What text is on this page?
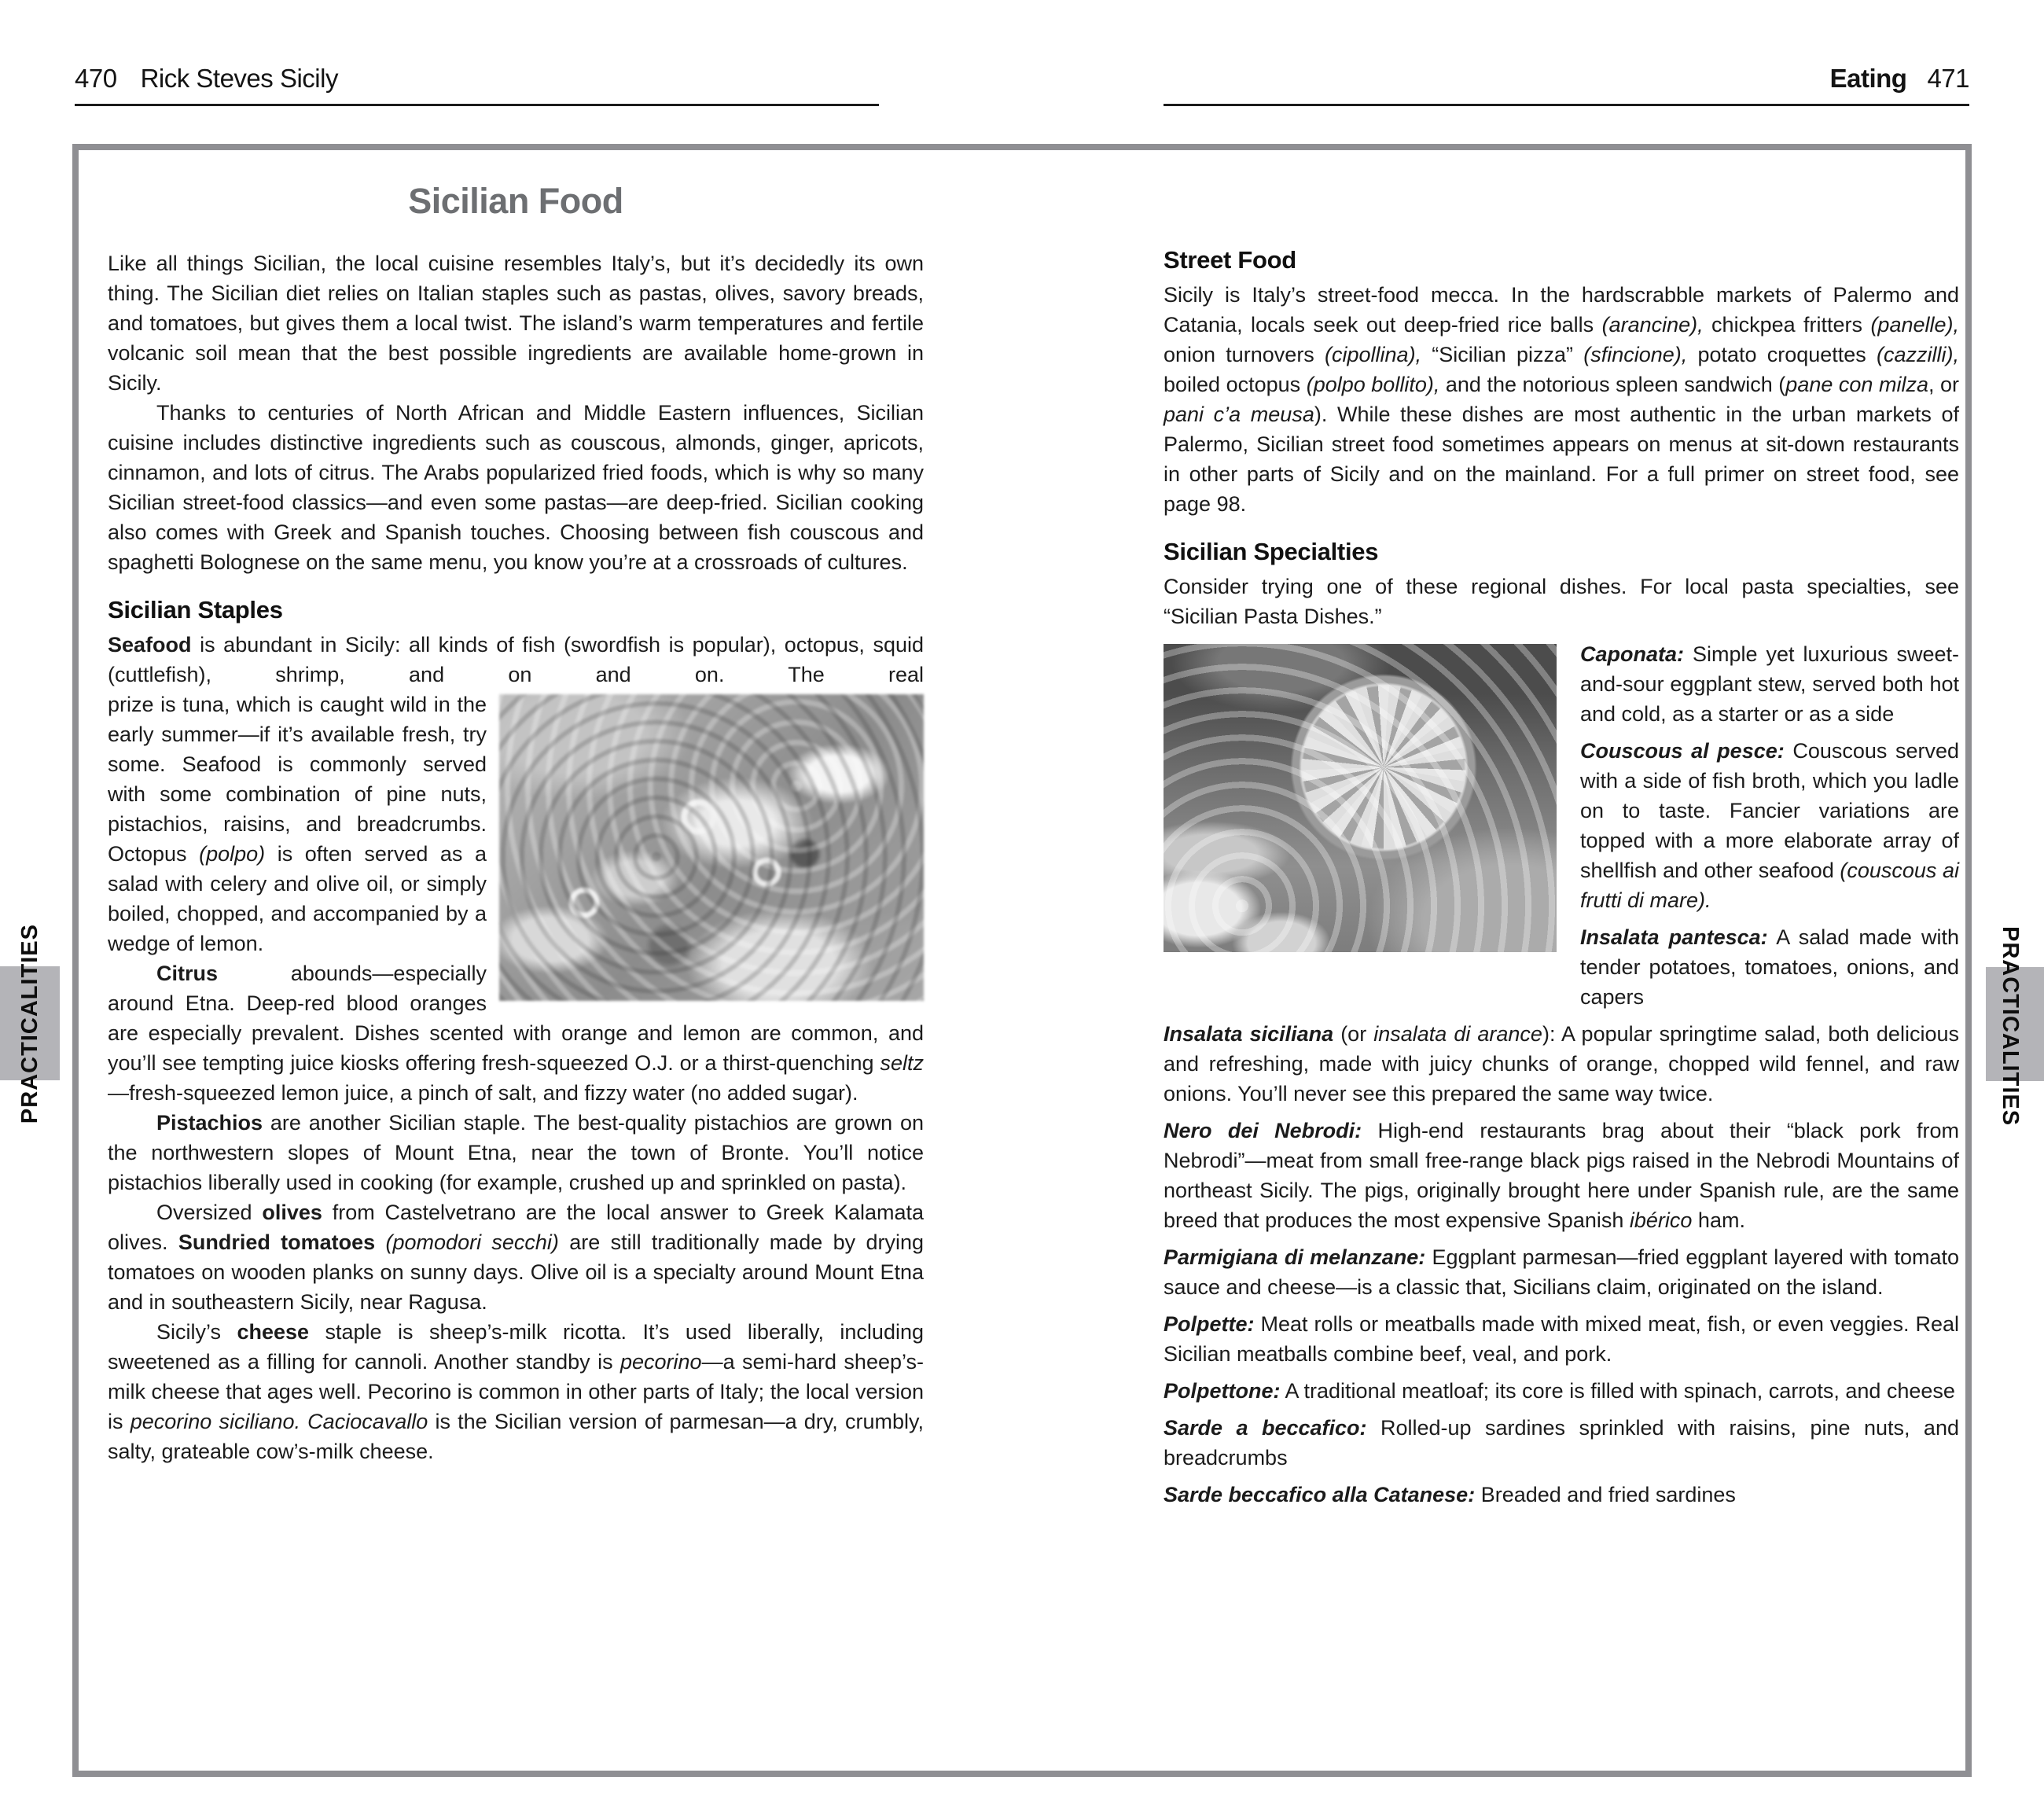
470 Rick Steves Sicily	Eating 471
PRACTICALITIES	PRACTICALITIES
Sicilian Food

Like all things Sicilian, the local cuisine resembles Italy’s, but it’s decidedly its own thing. The Sicilian diet relies on Italian staples such as pastas, olives, savory breads, and tomatoes, but gives them a local twist. The island’s warm temperatures and fertile volcanic soil mean that the best possible ingredients are available home-grown in Sicily.

Thanks to centuries of North African and Middle Eastern influences, Sicilian cuisine includes distinctive ingredients such as couscous, almonds, ginger, apricots, cinnamon, and lots of citrus. The Arabs popularized fried foods, which is why so many Sicilian street-food classics—and even some pastas—are deep-fried. Sicilian cooking also comes with Greek and Spanish touches. Choosing between fish couscous and spaghetti Bolognese on the same menu, you know you’re at a crossroads of cultures.

Sicilian Staples

Seafood is abundant in Sicily: all kinds of fish (swordfish is popular), octopus, squid (cuttlefish), shrimp, and on and on. The real

prize is tuna, which is caught wild in the early summer—if it’s available fresh, try some. Seafood is commonly served with some combination of pine nuts, pistachios, raisins, and breadcrumbs. Octopus (polpo) is often served as a salad with celery and olive oil, or simply boiled, chopped, and accompanied by a wedge of lemon.

Citrus abounds—especially around Etna. Deep-red blood oranges are especially prevalent. Dishes scented with orange and lemon are common, and you’ll see tempting juice kiosks offering fresh-squeezed O.J. or a thirst-quenching seltz—fresh-squeezed lemon juice, a pinch of salt, and fizzy water (no added sugar).

Pistachios are another Sicilian staple. The best-quality pistachios are grown on the northwestern slopes of Mount Etna, near the town of Bronte. You’ll notice pistachios liberally used in cooking (for example, crushed up and sprinkled on pasta).

Oversized olives from Castelvetrano are the local answer to Greek Kalamata olives. Sundried tomatoes (pomodori secchi) are still traditionally made by drying tomatoes on wooden planks on sunny days. Olive oil is a specialty around Mount Etna and in southeastern Sicily, near Ragusa.

Sicily’s cheese staple is sheep’s-milk ricotta. It’s used liberally, including sweetened as a filling for cannoli. Another standby is pecorino—a semi-hard sheep’s-milk cheese that ages well. Pecorino is common in other parts of Italy; the local version is pecorino siciliano. Caciocavallo is the Sicilian version of parmesan—a dry, crumbly, salty, grateable cow’s-milk cheese.

Street Food

Sicily is Italy’s street-food mecca. In the hardscrabble markets of Palermo and Catania, locals seek out deep-fried rice balls (arancine), chickpea fritters (panelle), onion turnovers (cipollina), “Sicilian pizza” (sfincione), potato croquettes (cazzilli), boiled octopus (polpo bollito), and the notorious spleen sandwich (pane con milza, or pani c’a meusa). While these dishes are most authentic in the urban markets of Palermo, Sicilian street food sometimes appears on menus at sit-down restaurants in other parts of Sicily and on the mainland. For a full primer on street food, see page 98.

Sicilian Specialties

Consider trying one of these regional dishes. For local pasta specialties, see “Sicilian Pasta Dishes.”

Caponata: Simple yet luxurious sweet-and-sour eggplant stew, served both hot and cold, as a starter or as a side

Couscous al pesce: Couscous served with a side of fish broth, which you ladle on to taste. Fancier variations are topped with a more elaborate array of shellfish and other seafood (couscous ai frutti di mare).

Insalata pantesca: A salad made with tender potatoes, tomatoes, onions, and capers

Insalata siciliana (or insalata di arance): A popular springtime salad, both delicious and refreshing, made with juicy chunks of orange, chopped wild fennel, and raw onions. You’ll never see this prepared the same way twice.

Nero dei Nebrodi: High-end restaurants brag about their “black pork from Nebrodi”—meat from small free-range black pigs raised in the Nebrodi Mountains of northeast Sicily. The pigs, originally brought here under Spanish rule, are the same breed that produces the most expensive Spanish ibérico ham.

Parmigiana di melanzane: Eggplant parmesan—fried eggplant layered with tomato sauce and cheese—is a classic that, Sicilians claim, originated on the island.

Polpette: Meat rolls or meatballs made with mixed meat, fish, or even veggies. Real Sicilian meatballs combine beef, veal, and pork.

Polpettone: A traditional meatloaf; its core is filled with spinach, carrots, and cheese

Sarde a beccafico: Rolled-up sardines sprinkled with raisins, pine nuts, and breadcrumbs

Sarde beccafico alla Catanese: Breaded and fried sardines
